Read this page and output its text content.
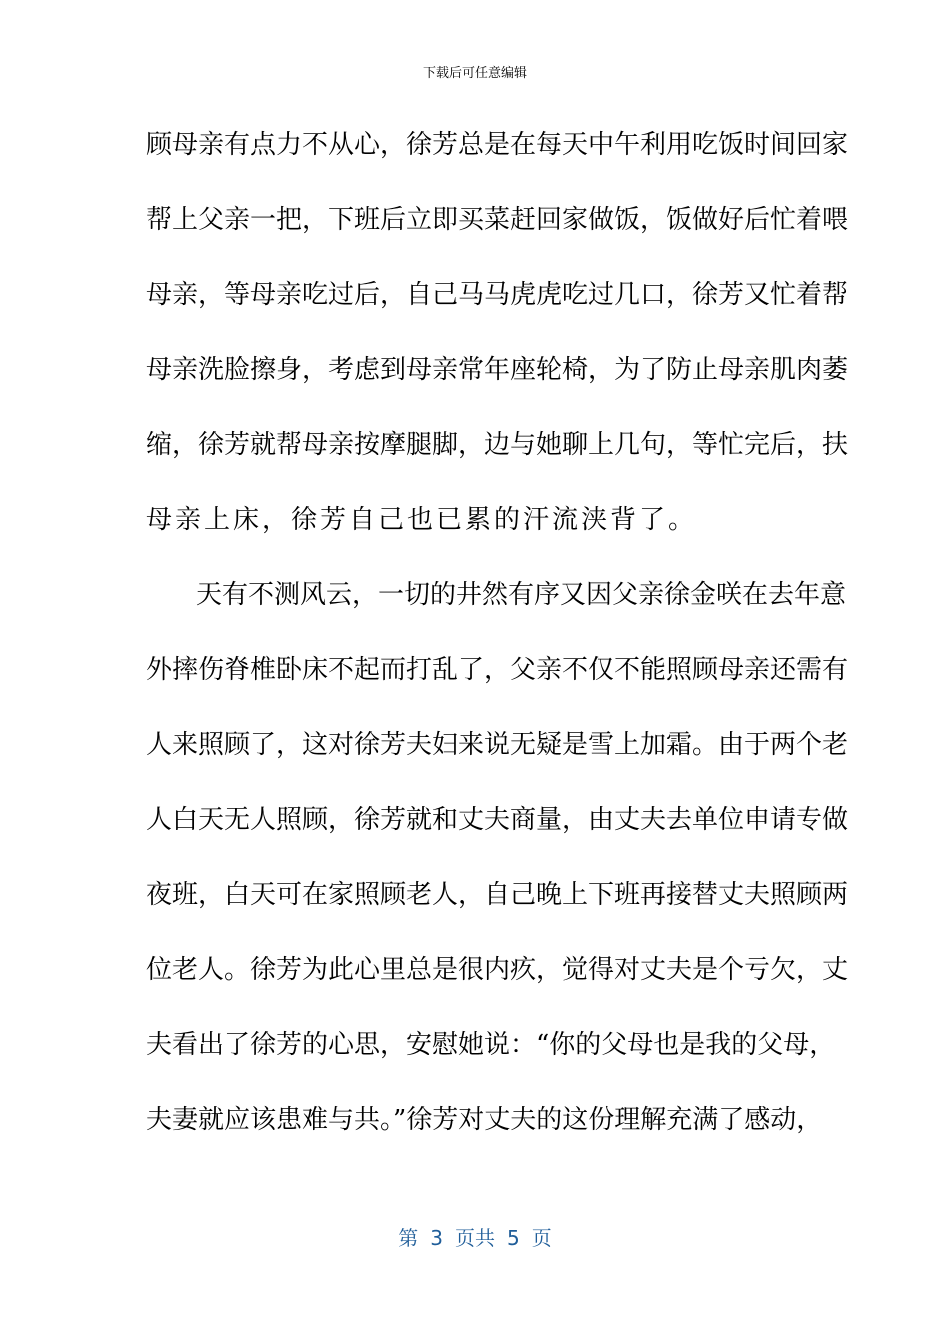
下载后可任意编辑
顾母亲有点力不从心，徐芳总是在每天中午利用吃饭时间回家
帮上父亲一把，下班后立即买菜赶回家做饭，饭做好后忙着喂
母亲，等母亲吃过后，自己马马虎虎吃过几口，徐芳又忙着帮
母亲洗脸擦身，考虑到母亲常年座轮椅，为了防止母亲肌肉萎
缩，徐芳就帮母亲按摩腿脚，边与她聊上几句，等忙完后，扶
母亲上床，徐芳自己也已累的汗流浃背了。
天有不测风云，一切的井然有序又因父亲徐金咲在去年意
外摔伤脊椎卧床不起而打乱了，父亲不仅不能照顾母亲还需有
人来照顾了，这对徐芳夫妇来说无疑是雪上加霜。由于两个老
人白天无人照顾，徐芳就和丈夫商量，由丈夫去单位申请专做
夜班，白天可在家照顾老人，自己晚上下班再接替丈夫照顾两
位老人。徐芳为此心里总是很内疚，觉得对丈夫是个亏欠，丈
夫看出了徐芳的心思，安慰她说：“你的父母也是我的父母，
夫妻就应该患难与共。”徐芳对丈夫的这份理解充满了感动，
第 3 页共 5 页
